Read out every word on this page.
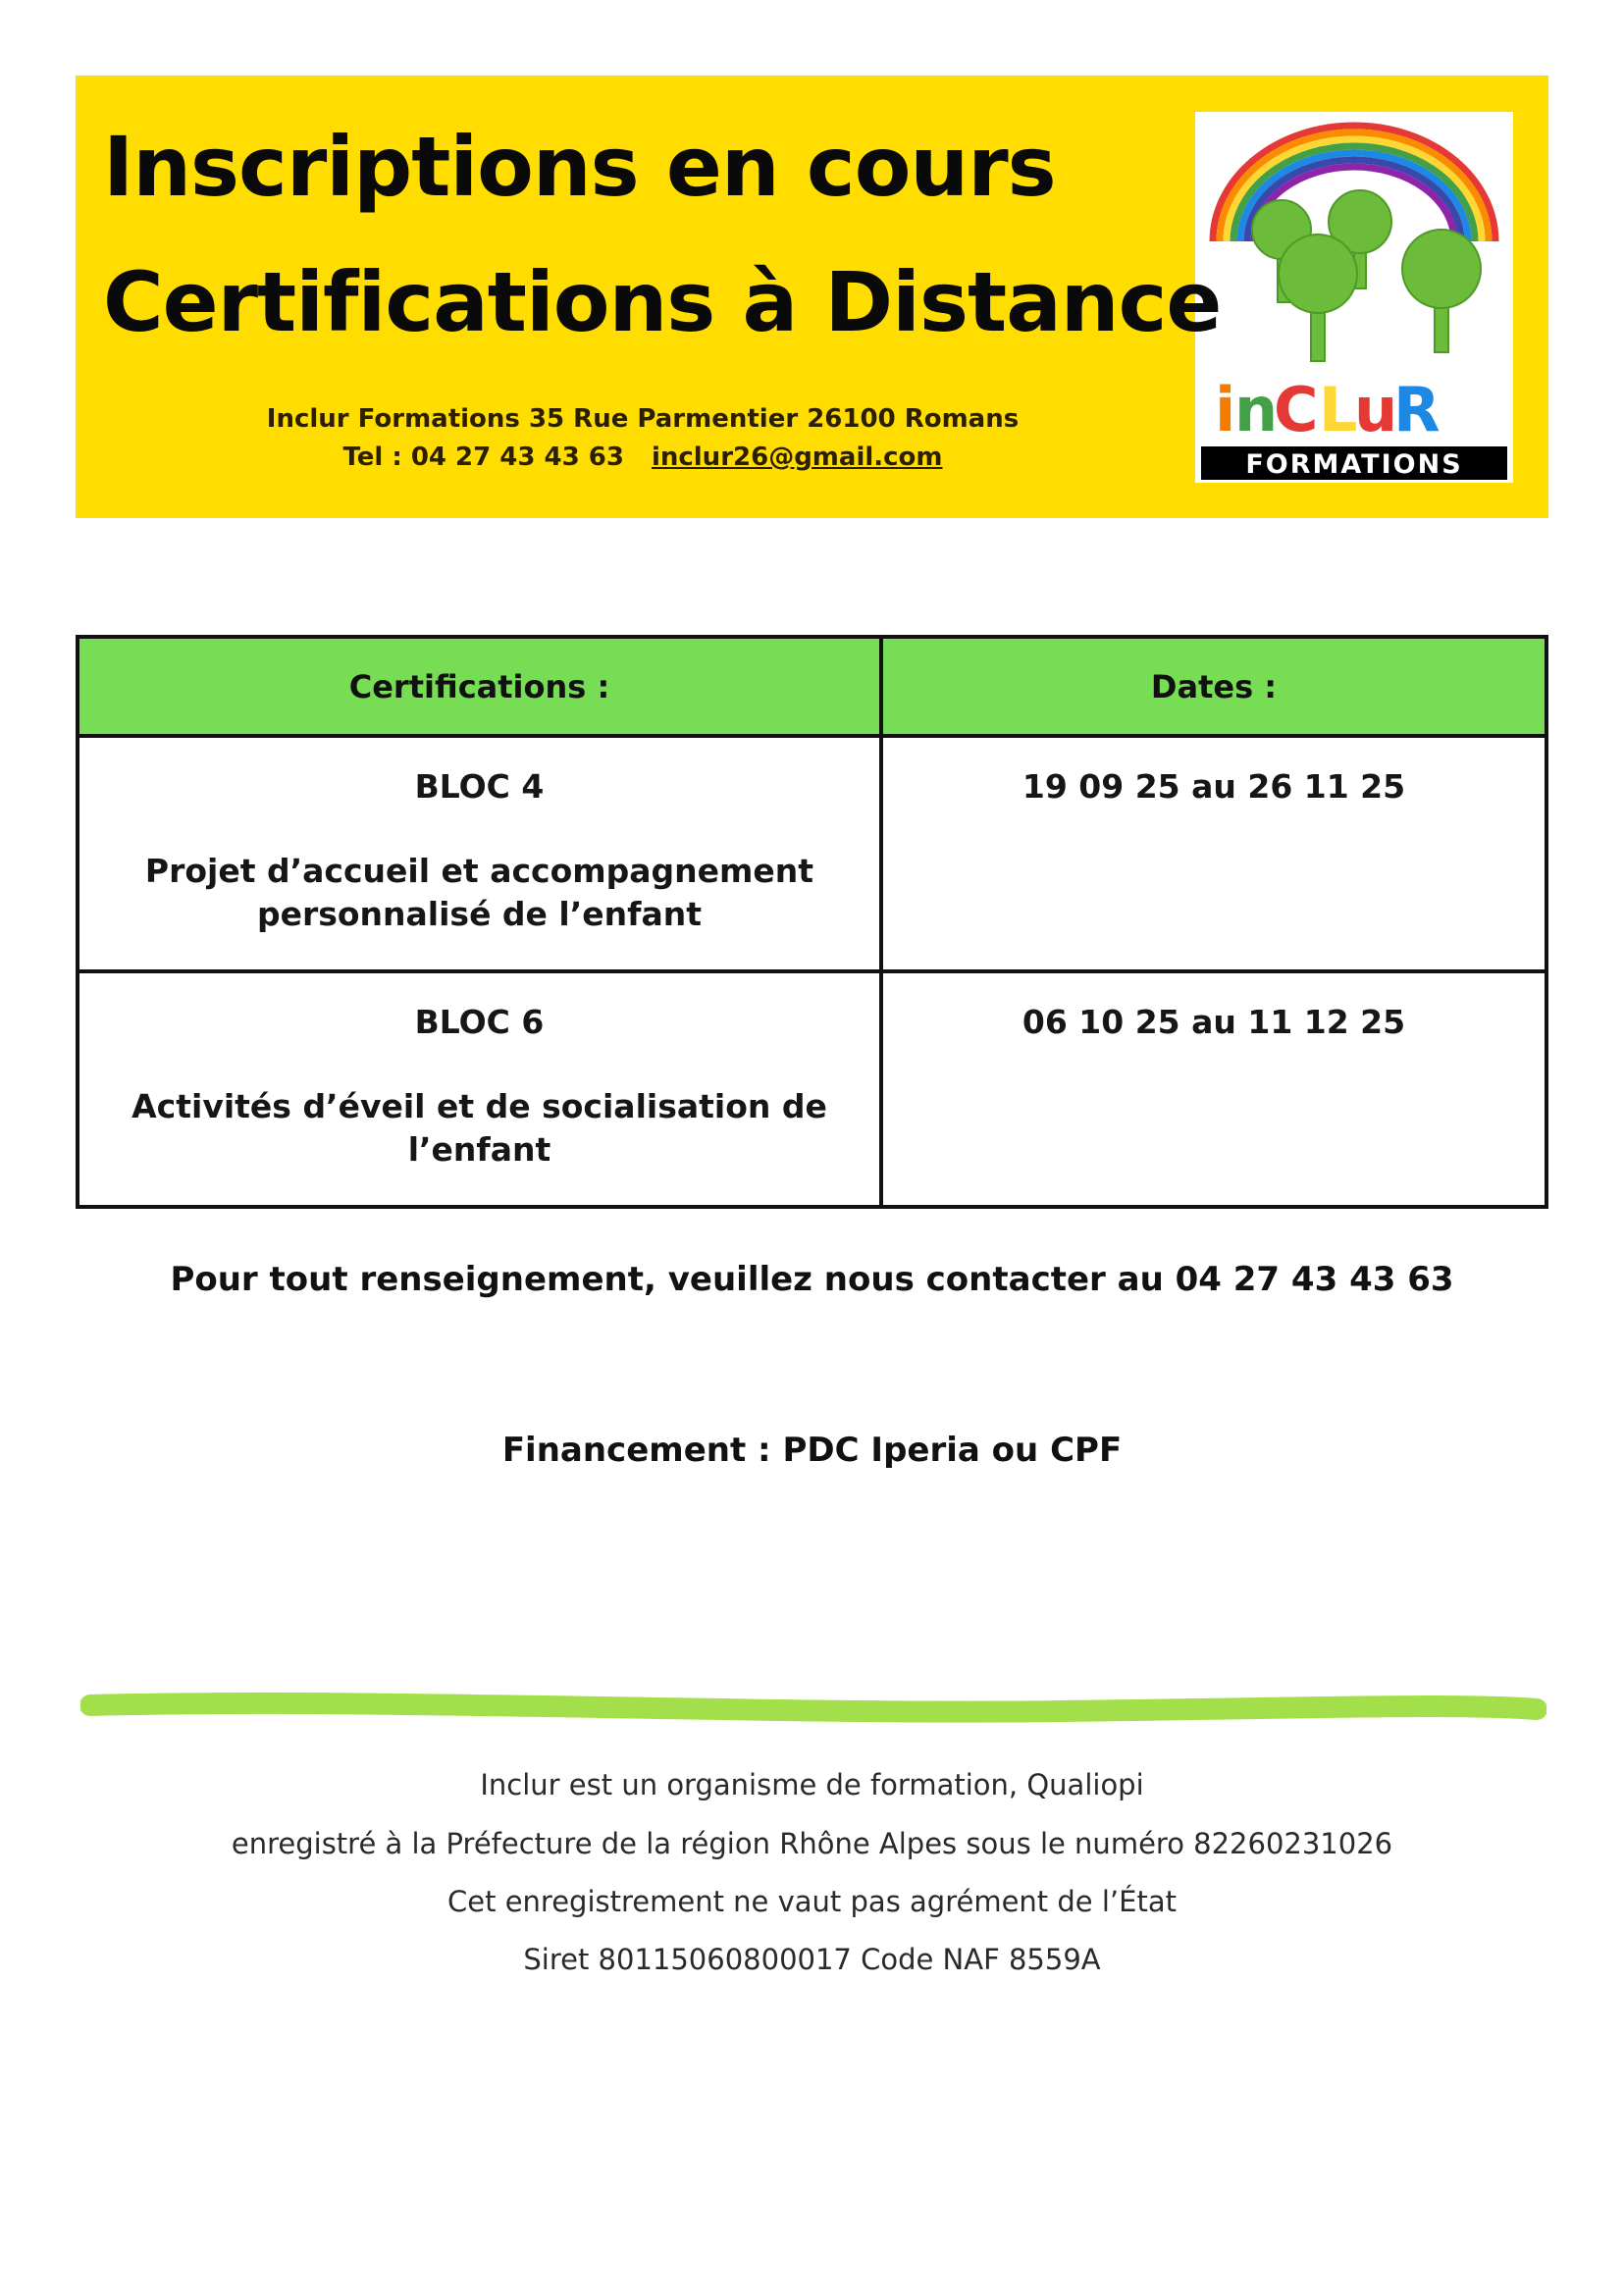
Inscriptions en cours
Certifications à Distance
Inclur Formations 35 Rue Parmentier 26100 Romans
Tel : 04 27 43 43 63 inclur26@gmail.com
i
n
C L
u
R
FORMATIONS
Certifications :	Dates :

BLOC 4
Projet d’accueil et accompagnement personnalisé de l’enfant	19 09 25 au 26 11 25

BLOC 6
Activités d’éveil et de socialisation de l’enfant	06 10 25 au 11 12 25
Pour tout renseignement, veuillez nous contacter au 04 27 43 43 63
Financement : PDC Iperia ou CPF
Inclur est un organisme de formation, Qualiopi
enregistré à la Préfecture de la région Rhône Alpes sous le numéro 82260231026
Cet enregistrement ne vaut pas agrément de l’État
Siret 80115060800017 Code NAF 8559A
